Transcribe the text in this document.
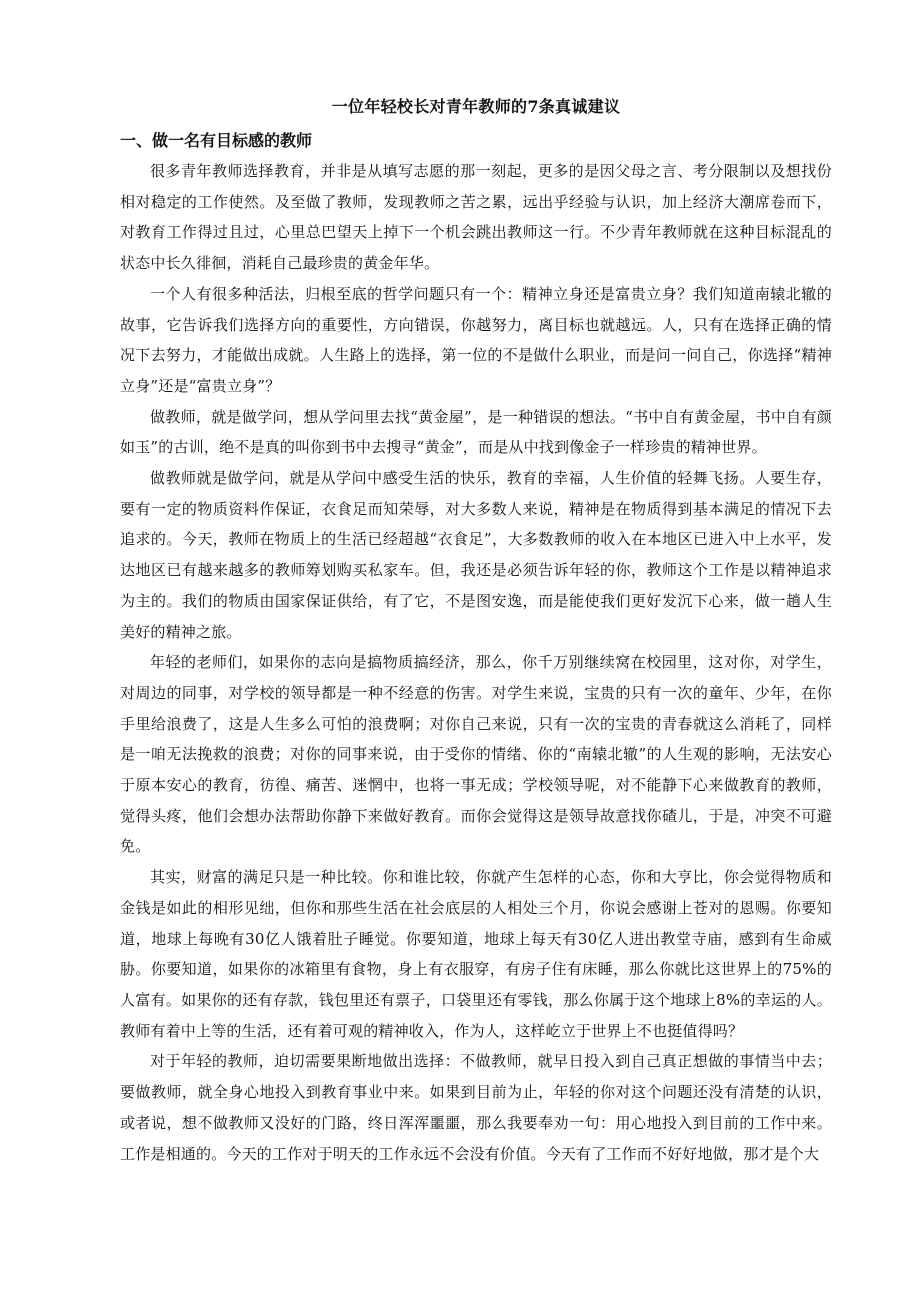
一位年轻校长对青年教师的7条真诚建议
一、做一名有目标感的教师

很多青年教师选择教育，并非是从填写志愿的那一刻起，更多的是因父母之言、考分限制以及想找份相对稳定的工作使然。及至做了教师，发现教师之苦之累，远出乎经验与认识，加上经济大潮席卷而下，对教育工作得过且过，心里总巴望天上掉下一个机会跳出教师这一行。不少青年教师就在这种目标混乱的状态中长久徘徊，消耗自己最珍贵的黄金年华。

一个人有很多种活法，归根至底的哲学问题只有一个：精神立身还是富贵立身？我们知道南辕北辙的故事，它告诉我们选择方向的重要性，方向错误，你越努力，离目标也就越远。人，只有在选择正确的情况下去努力，才能做出成就。人生路上的选择，第一位的不是做什么职业，而是问一问自己，你选择“精神立身”还是“富贵立身”？

做教师，就是做学问，想从学问里去找“黄金屋”，是一种错误的想法。“书中自有黄金屋，书中自有颜如玉”的古训，绝不是真的叫你到书中去搜寻“黄金”，而是从中找到像金子一样珍贵的精神世界。

做教师就是做学问，就是从学问中感受生活的快乐，教育的幸福，人生价值的轻舞飞扬。人要生存，要有一定的物质资料作保证，衣食足而知荣辱，对大多数人来说，精神是在物质得到基本满足的情况下去追求的。今天，教师在物质上的生活已经超越“衣食足”，大多数教师的收入在本地区已进入中上水平，发达地区已有越来越多的教师筹划购买私家车。但，我还是必须告诉年轻的你，教师这个工作是以精神追求为主的。我们的物质由国家保证供给，有了它，不是图安逸，而是能使我们更好发沉下心来，做一趟人生美好的精神之旅。

年轻的老师们，如果你的志向是搞物质搞经济，那么，你千万别继续窝在校园里，这对你，对学生，对周边的同事，对学校的领导都是一种不经意的伤害。对学生来说，宝贵的只有一次的童年、少年，在你手里给浪费了，这是人生多么可怕的浪费啊；对你自己来说，只有一次的宝贵的青春就这么消耗了，同样是一咱无法挽救的浪费；对你的同事来说，由于受你的情绪、你的“南辕北辙”的人生观的影响，无法安心于原本安心的教育，彷徨、痛苦、迷惘中，也将一事无成；学校领导呢，对不能静下心来做教育的教师，觉得头疼，他们会想办法帮助你静下来做好教育。而你会觉得这是领导故意找你碴儿，于是，冲突不可避免。

其实，财富的满足只是一种比较。你和谁比较，你就产生怎样的心态，你和大亨比，你会觉得物质和金钱是如此的相形见绌，但你和那些生活在社会底层的人相处三个月，你说会感谢上苍对的恩赐。你要知道，地球上每晚有30亿人饿着肚子睡觉。你要知道，地球上每天有30亿人进出教堂寺庙，感到有生命威胁。你要知道，如果你的冰箱里有食物，身上有衣服穿，有房子住有床睡，那么你就比这世界上的75%的人富有。如果你的还有存款，钱包里还有票子，口袋里还有零钱，那么你属于这个地球上8%的幸运的人。教师有着中上等的生活，还有着可观的精神收入，作为人，这样屹立于世界上不也挺值得吗？

对于年轻的教师，迫切需要果断地做出选择：不做教师，就早日投入到自己真正想做的事情当中去；要做教师，就全身心地投入到教育事业中来。如果到目前为止，年轻的你对这个问题还没有清楚的认识，或者说，想不做教师又没好的门路，终日浑浑噩噩，那么我要奉劝一句：用心地投入到目前的工作中来。工作是相通的。今天的工作对于明天的工作永远不会没有价值。今天有了工作而不好好地做，那才是个大
